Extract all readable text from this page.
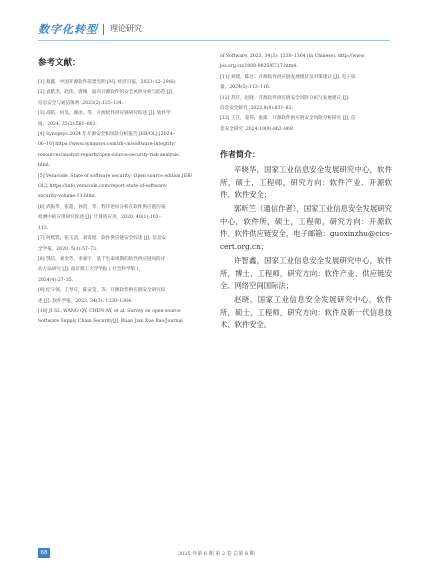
数字化转型 理论研究
参考文献：
[1] 蔡鑫．中国开源软件前景光明 [N]. 经济日报，2023–12–29(6).
[2] 袁紫杰，赵玮，唐刚．面向开源软件的安全风险分析与防范 [J].
信息安全与通信保密 ,2023(2):125–134.
[3] 高皓，何昊，谢冰，等．开源软件供应链研究综述 [J]. 软件学
报，2024, 35(2):581–603.
[4] Synopsys.2024 年开源安全和风险分析报告 [EB/OL].[2024–
06–10] https://www.synopsys.com/zh-cn/software-integrity/
resources/analyst-reports/open-source-security-risk-analysis.
html.
[5] Veracode. State of software security: Open source edition.[EB/
OL]. https://info.veracode.com/report-state-of-software-
security-volume-11.html.
[6] 武振华，张超，孙贺，等．程序逆向分析在软件供应链污染
检测中的应用研究综述 [J]. 计算机应用，2020, 40(1):103–
115.
[7] 何熙巽，张玉清，刘奇旭．软件供应链安全综述 [J]. 信息安
全学报，2020, 5(1):57–73.
[8] 鄂信，刘金芳，李嘉宇．基于生命周期的软件供应链风险评
估方法研究 [J]. 南京理工大学学报 ( 社会科学版 )，
2024(4):27–35.
[9] 纪守领，王琴应，陈安莹，等．开源软件供应链安全研究综
述 [J]. 软件学报，2023, 34(3): 1330–1364.
[10] JI SL, WANG QY, CHEN AY, et al. Survey on open-source
Software Supply Chain Security[J]. Ruan Jian Xue Bao/Journal
of Software, 2023, 34(3): 1330–1364 (in Chinese). http://www.
jos.org.cn/1000-9825/6717.htm4.
[11] 刘建，陈达．开源软件供应链发展现状及对策建议 [J]. 电子质
量，2024(5):113–116.
[12] 苏仟，赵晓．开源软件供应链安全风险分析与发展建议 [J].
信息安全研究 ,2022,8(8):831–83.
[13] 王江，姜伟，张雍．开源软件供应链安全风险分析研究 [J]. 信
息安全研究 ,2024,10(9):862–869.
作者简介：
辛晓华，国家工业信息安全发展研究中心，软件所，硕士，工程师，研究方向：软件产业、开源软件、软件安全；
郭昕竺（通信作者），国家工业信息安全发展研究中心，软件所，硕士，工程师，研究方向：开源软件、软件供应链安全，电子邮箱：guoxinzhu@cics-cert.org.cn；
许智鑫，国家工业信息安全发展研究中心，软件所，博士，工程师，研究方向：软件产业、供应链安全、网络空间国际法；
赵晓，国家工业信息安全发展研究中心，软件所，硕士，工程师，研究方向：软件及新一代信息技术、软件安全。
68	2025 年第 6 期 第 2 卷 总第 8 期
